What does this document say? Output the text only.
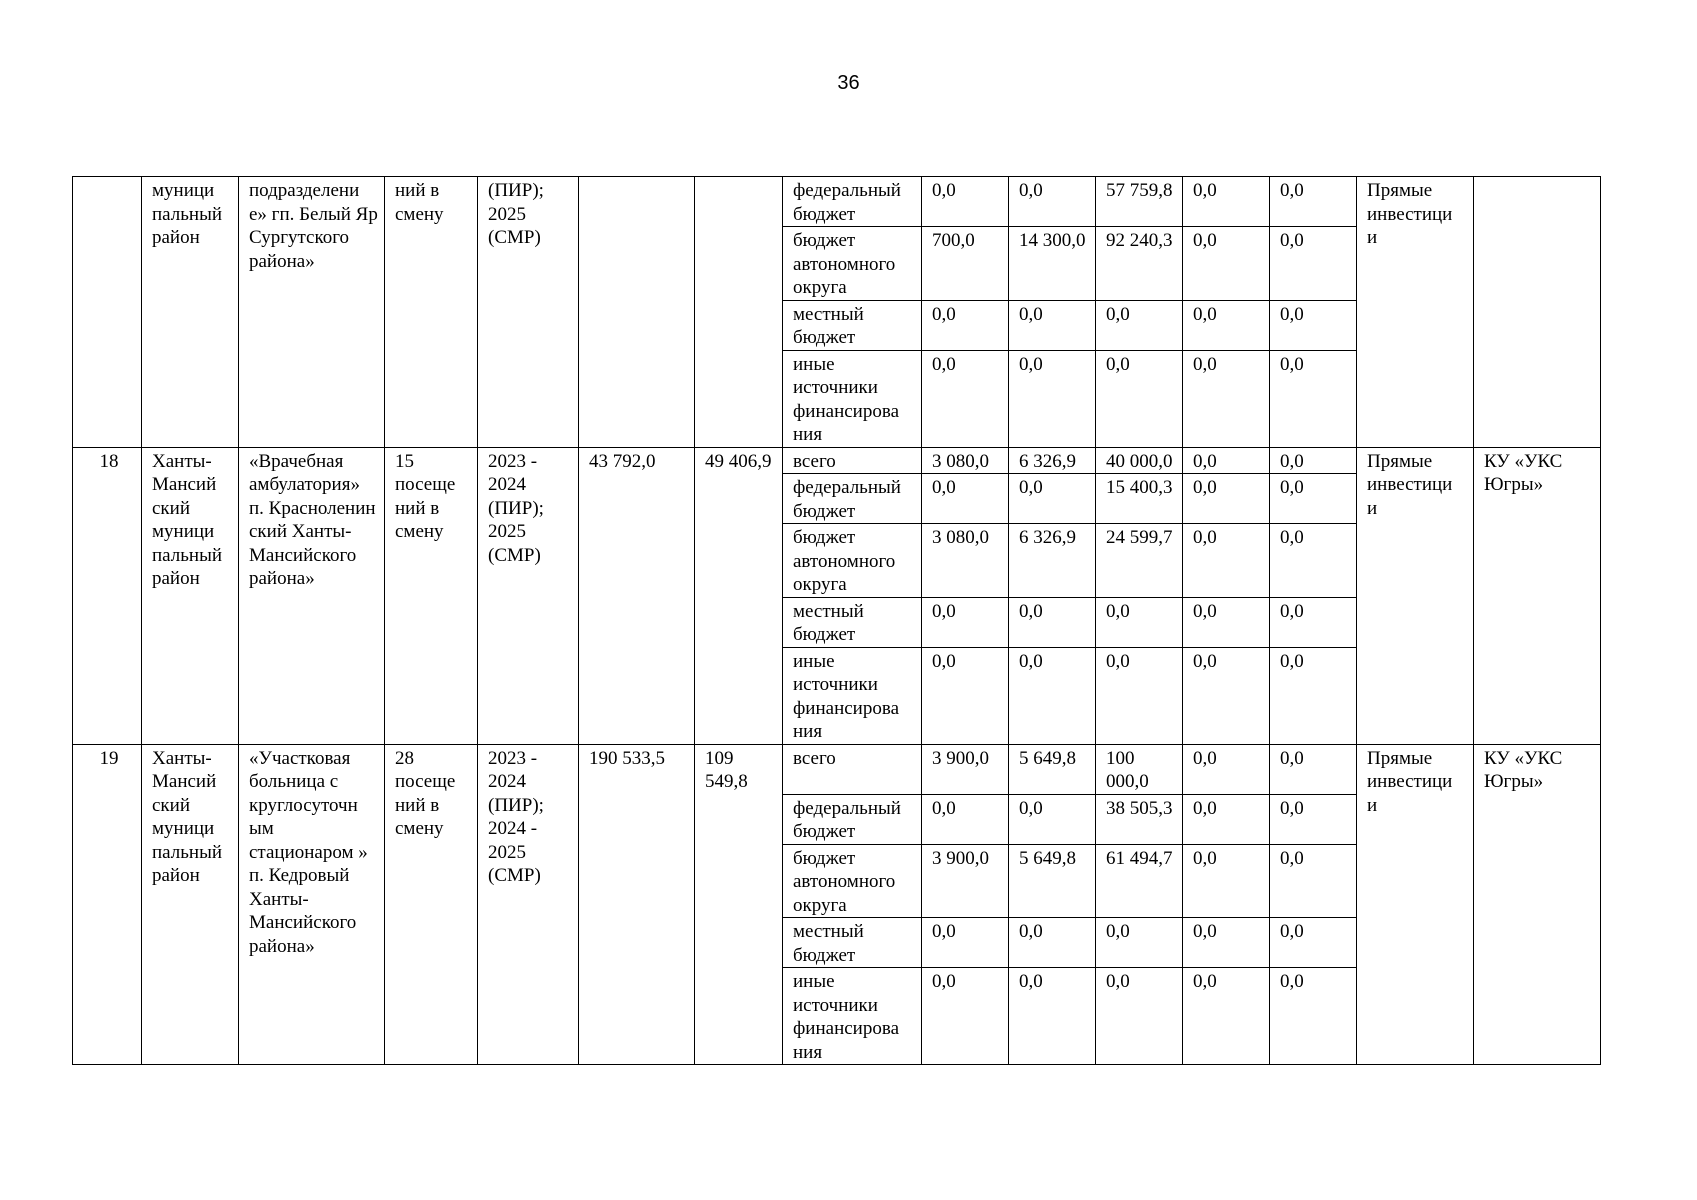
36
	муници пальный район	подразделени е» гп. Белый Яр Сургутского района»	ний в смену	(ПИР); 2025 (СМР)			федеральный бюджет	0,0	0,0	57 759,8	0,0	0,0	Прямые инвестици и	
							бюджет автономного округа	700,0	14 300,0	92 240,3	0,0	0,0		
							местный бюджет	0,0	0,0	0,0	0,0	0,0		
							иные источники финансирова ния	0,0	0,0	0,0	0,0	0,0		
18	Ханты-Мансий ский муници пальный район	«Врачебная амбулатория» п. Красноленин ский Ханты-Мансийского района»	15 посеще ний в смену	2023 - 2024 (ПИР); 2025 (СМР)	43 792,0	49 406,9	всего	3 080,0	6 326,9	40 000,0	0,0	0,0	Прямые инвестици и	КУ «УКС Югры»
							федеральный бюджет	0,0	0,0	15 400,3	0,0	0,0		
							бюджет автономного округа	3 080,0	6 326,9	24 599,7	0,0	0,0		
							местный бюджет	0,0	0,0	0,0	0,0	0,0		
							иные источники финансирова ния	0,0	0,0	0,0	0,0	0,0		
19	Ханты-Мансий ский муници пальный район	«Участковая больница с круглосуточн ым стационаром » п. Кедровый Ханты-Мансийского района»	28 посеще ний в смену	2023 - 2024 (ПИР); 2024 - 2025 (СМР)	190 533,5	109 549,8	всего	3 900,0	5 649,8	100 000,0	0,0	0,0	Прямые инвестици и	КУ «УКС Югры»
							федеральный бюджет	0,0	0,0	38 505,3	0,0	0,0		
							бюджет автономного округа	3 900,0	5 649,8	61 494,7	0,0	0,0		
							местный бюджет	0,0	0,0	0,0	0,0	0,0		
							иные источники финансирова ния	0,0	0,0	0,0	0,0	0,0		
